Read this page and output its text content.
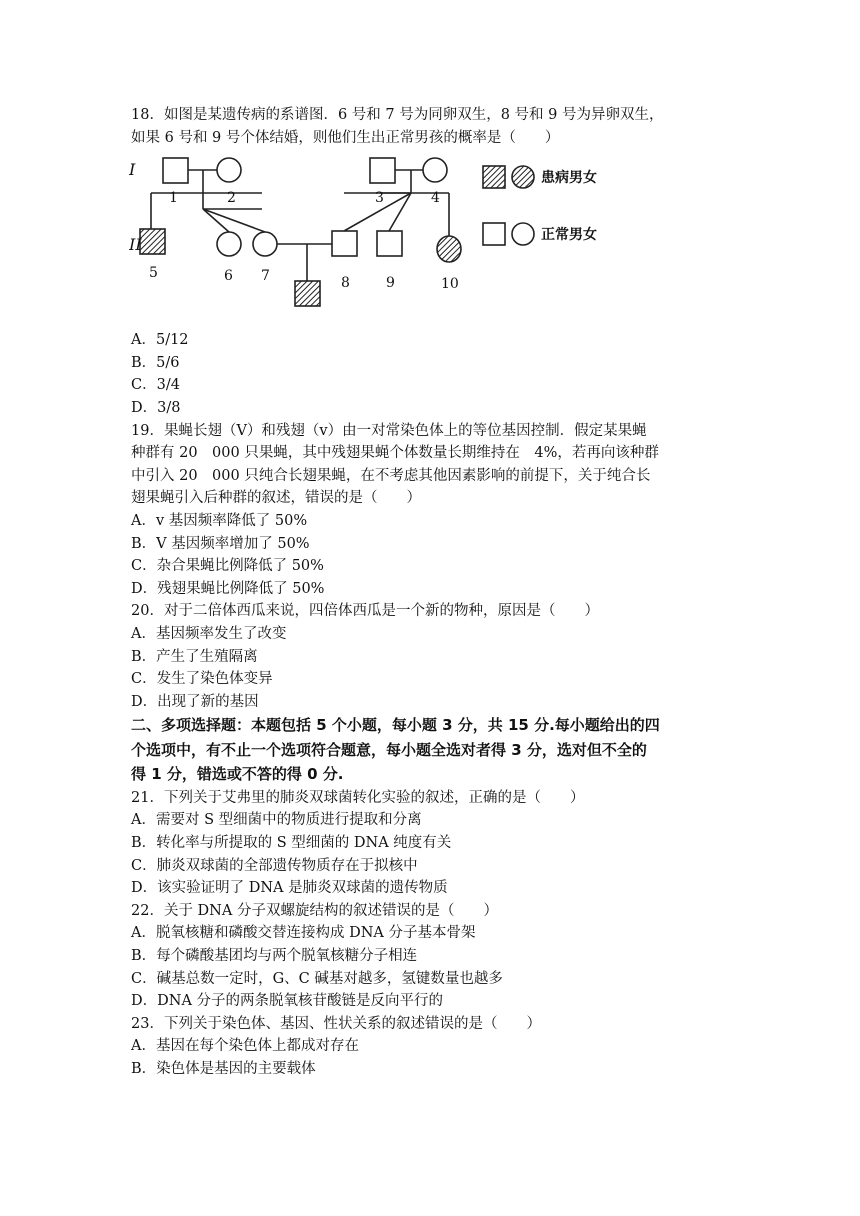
18．如图是某遗传病的系谱图．6 号和 7 号为同卵双生，8 号和 9 号为异卵双生，

如果 6 号和 9 号个体结婚，则他们生出正常男孩的概率是（　　）

I
II
1	2	3	4
5	6 7	8	9	10
患病男女
正常男女

A．5/12

B．5/6

C．3/4

D．3/8

19．果蝇长翅（V）和残翅（v）由一对常染色体上的等位基因控制．假定某果蝇

种群有 20　000 只果蝇，其中残翅果蝇个体数量长期维持在　4%，若再向该种群

中引入 20　000 只纯合长翅果蝇，在不考虑其他因素影响的前提下，关于纯合长

翅果蝇引入后种群的叙述，错误的是（　　）

A．v 基因频率降低了 50%

B．V 基因频率增加了 50%

C．杂合果蝇比例降低了 50%

D．残翅果蝇比例降低了 50%

20．对于二倍体西瓜来说，四倍体西瓜是一个新的物种，原因是（　　）

A．基因频率发生了改变

B．产生了生殖隔离

C．发生了染色体变异

D．出现了新的基因

二、多项选择题：本题包括 5 个小题，每小题 3 分，共 15 分.每小题给出的四

个选项中，有不止一个选项符合题意，每小题全选对者得 3 分，选对但不全的

得 1 分，错选或不答的得 0 分.

21．下列关于艾弗里的肺炎双球菌转化实验的叙述，正确的是（　　）

A．需要对 S 型细菌中的物质进行提取和分离

B．转化率与所提取的 S 型细菌的 DNA 纯度有关

C．肺炎双球菌的全部遗传物质存在于拟核中

D．该实验证明了 DNA 是肺炎双球菌的遗传物质

22．关于 DNA 分子双螺旋结构的叙述错误的是（　　）

A．脱氧核糖和磷酸交替连接构成 DNA 分子基本骨架

B．每个磷酸基团均与两个脱氧核糖分子相连

C．碱基总数一定时，G、C 碱基对越多，氢键数量也越多

D．DNA 分子的两条脱氧核苷酸链是反向平行的

23．下列关于染色体、基因、性状关系的叙述错误的是（　　）

A．基因在每个染色体上都成对存在

B．染色体是基因的主要载体
